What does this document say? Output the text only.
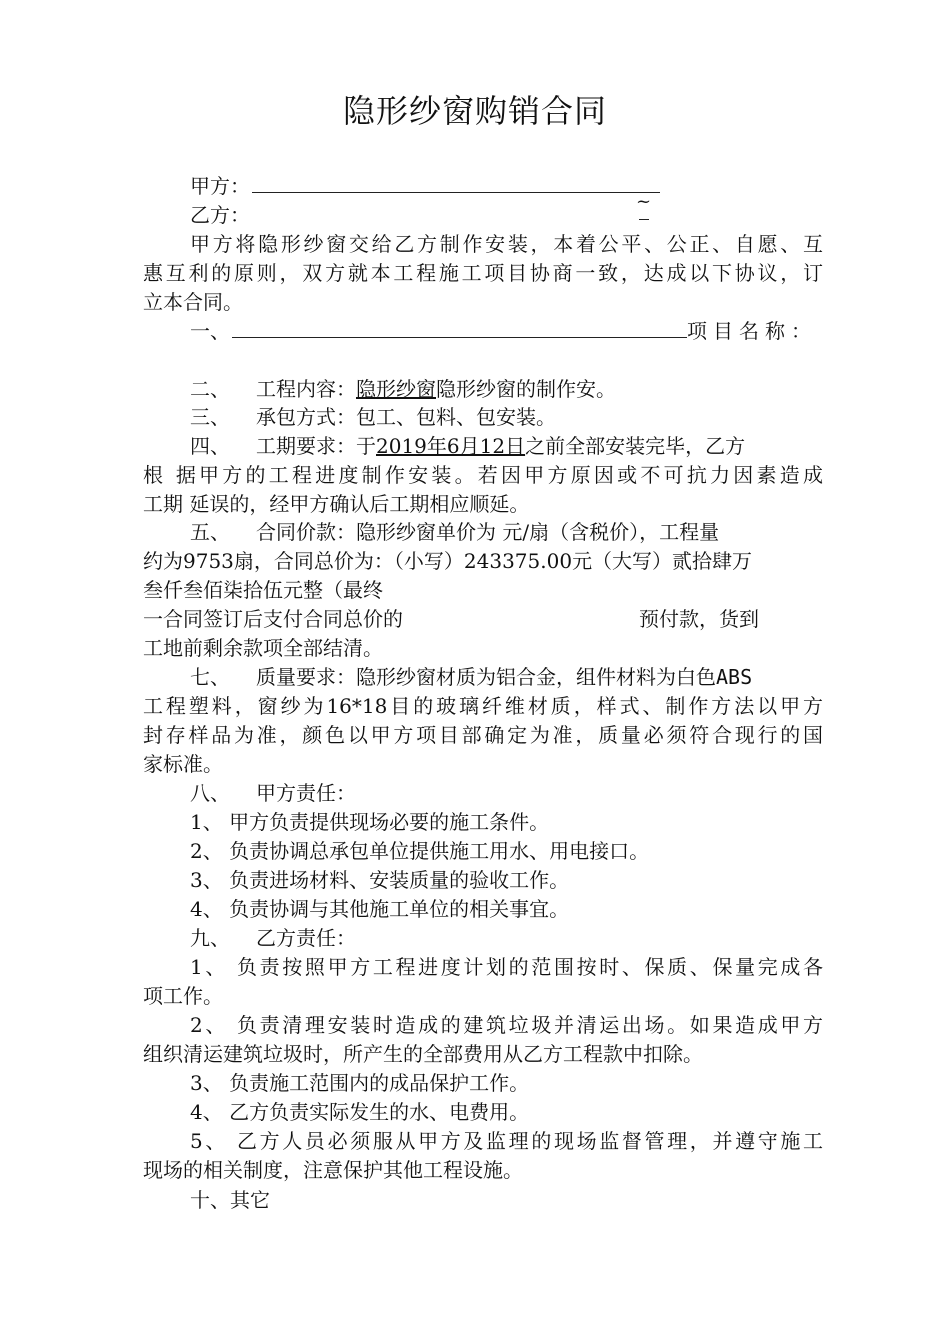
隐形纱窗购销合同
甲方：
乙方：
~
甲方将隐形纱窗交给乙方制作安装，本着公平、公正、自愿、互
惠互利的原则，双方就本工程施工项目协商一致，达成以下协议，订
立本合同。
一、	项目名称：
二、 工程内容：隐形纱窗隐形纱窗的制作安。
三、 承包方式：包工、包料、包安装。
四、 工期要求：于2019年6月12日之前全部安装完毕，乙方
根 据甲方的工程进度制作安装。若因甲方原因或不可抗力因素造成
工期 延误的，经甲方确认后工期相应顺延。
五、 合同价款：隐形纱窗单价为 元/扇（含税价），工程量
约为9753扇，合同总价为：（小写）243375.00元（大写）贰拾肆万
叁仟叁佰柒拾伍元整（最终
一合同签订后支付合同总价的	预付款，货到
工地前剩余款项全部结清。
七、 质量要求：隐形纱窗材质为铝合金，组件材料为白色ABS
工程塑料，窗纱为16*18目的玻璃纤维材质，样式、制作方法以甲方
封存样品为准，颜色以甲方项目部确定为准，质量必须符合现行的国
家标准。
八、 甲方责任：
1、 甲方负责提供现场必要的施工条件。
2、 负责协调总承包单位提供施工用水、用电接口。
3、 负责进场材料、安装质量的验收工作。
4、 负责协调与其他施工单位的相关事宜。
九、 乙方责任：
1、 负责按照甲方工程进度计划的范围按时、保质、保量完成各
项工作。
2、 负责清理安装时造成的建筑垃圾并清运出场。如果造成甲方
组织清运建筑垃圾时，所产生的全部费用从乙方工程款中扣除。
3、 负责施工范围内的成品保护工作。
4、 乙方负责实际发生的水、电费用。
5、 乙方人员必须服从甲方及监理的现场监督管理，并遵守施工
现场的相关制度，注意保护其他工程设施。
十、其它
